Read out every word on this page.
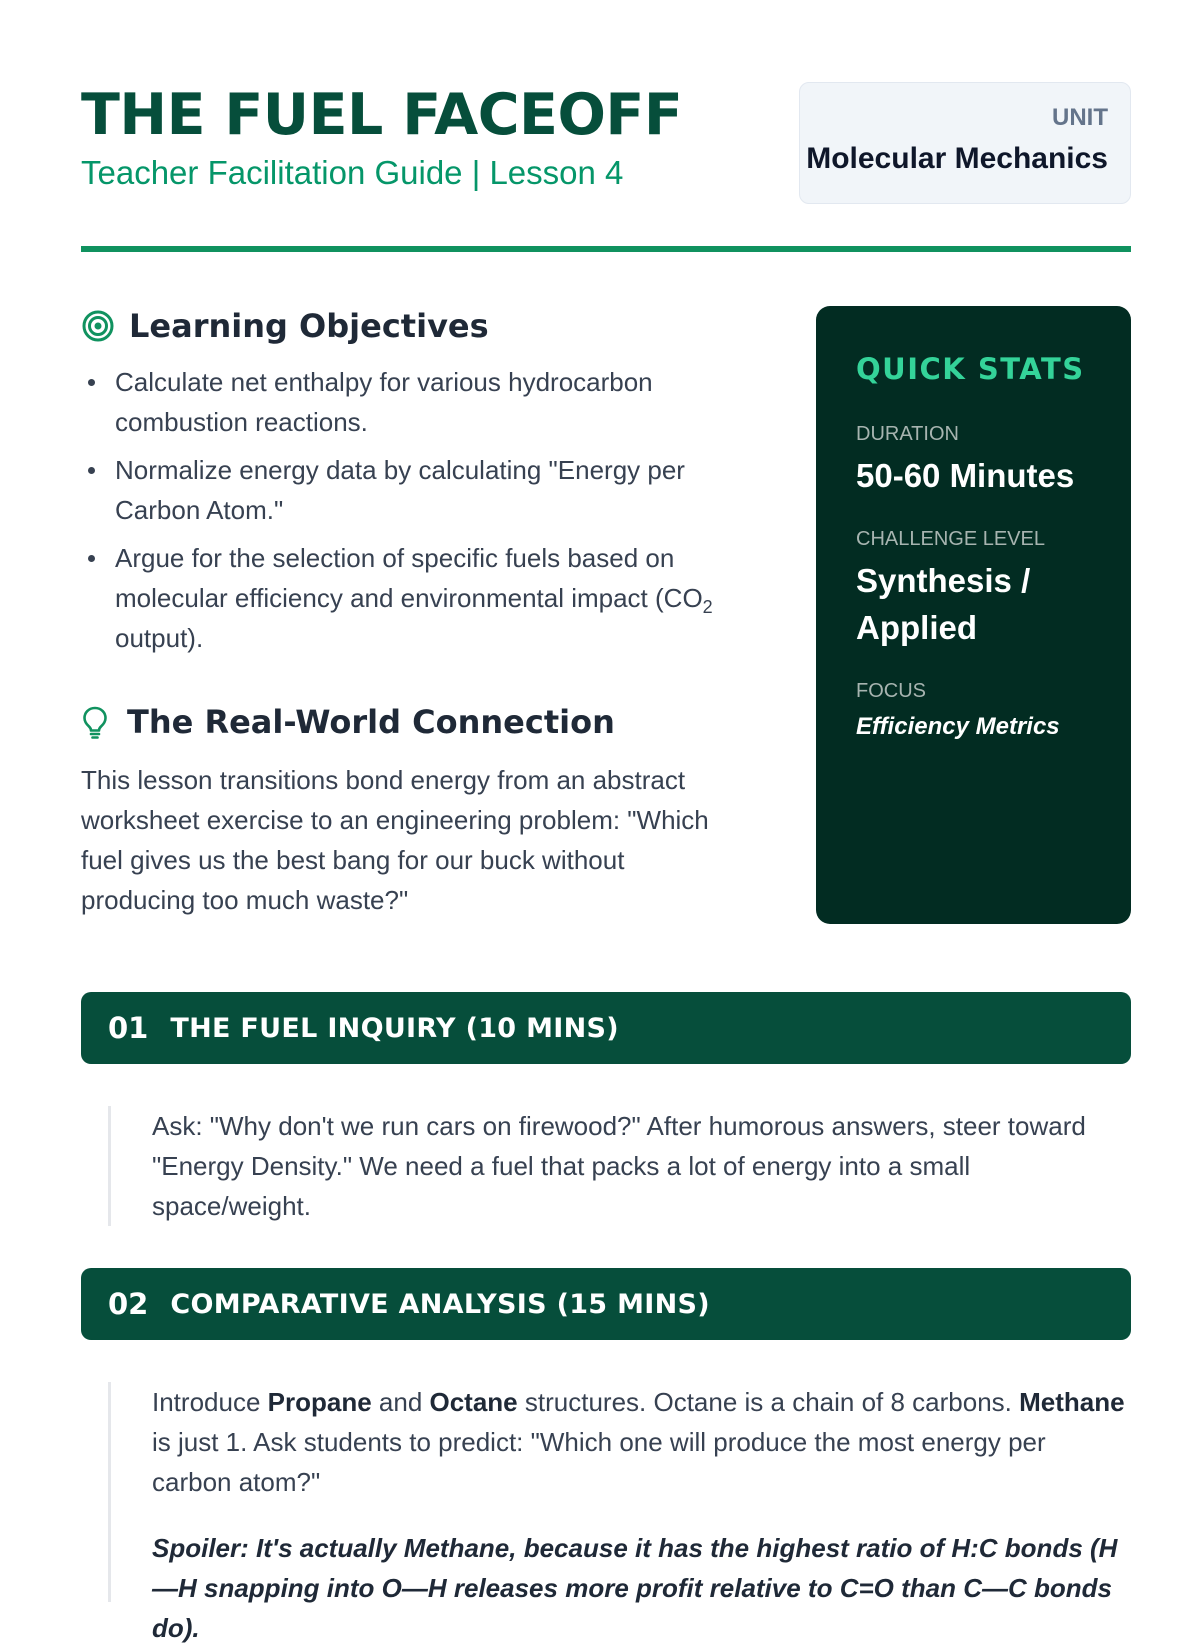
THE FUEL FACEOFF
Teacher Facilitation Guide | Lesson 4
UNIT
Molecular Mechanics
Learning Objectives
Calculate net enthalpy for various hydrocarbon combustion reactions.
Normalize energy data by calculating "Energy per Carbon Atom."
Argue for the selection of specific fuels based on molecular efficiency and environmental impact ($CO_2$ output).
The Real-World Connection

This lesson transitions bond energy from an abstract worksheet exercise to an engineering problem: "Which fuel gives us the best bang for our buck without producing too much waste?"

QUICK STATS
DURATION
50-60 Minutes
CHALLENGE LEVEL
Synthesis / Applied
FOCUS
Efficiency Metrics
01 THE FUEL INQUIRY (10 MINS)

Ask: "Why don't we run cars on firewood?" After humorous answers, steer toward "Energy Density." We need a fuel that packs a lot of energy into a small space/weight.

02 COMPARATIVE ANALYSIS (15 MINS)

Introduce Propane and Octane structures. Octane is a chain of 8 carbons. Methane is just 1. Ask students to predict: "Which one will produce the most energy per carbon atom?"

Spoiler: It's actually Methane, because it has the highest ratio of H:C bonds (H—H snapping into O—H releases more profit relative to C=O than C—C bonds do).
